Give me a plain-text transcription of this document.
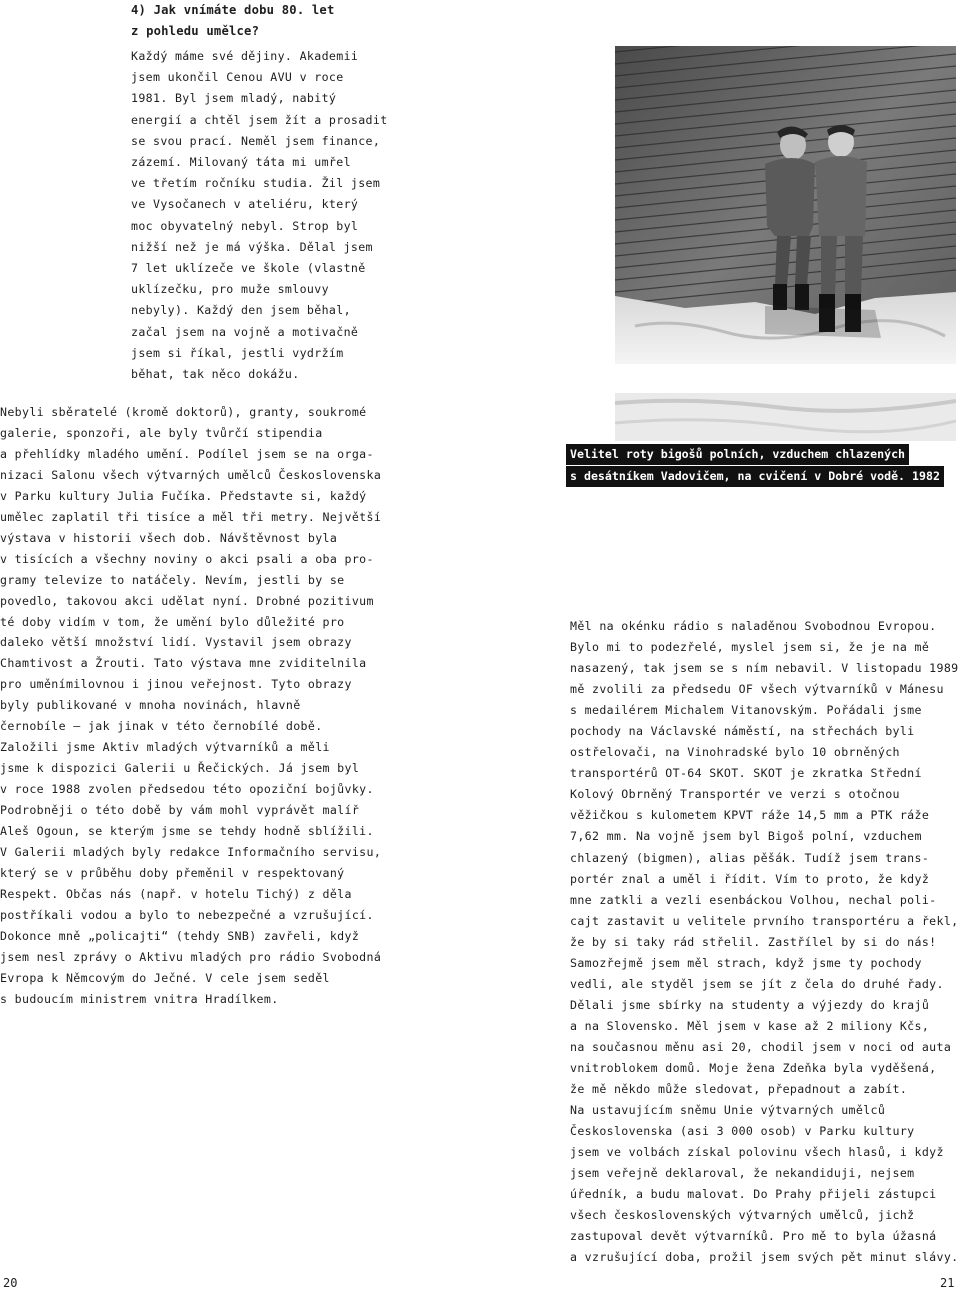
4) Jak vnímáte dobu 80. let
z pohledu umělce?
Každý máme své dějiny. Akademii
jsem ukončil Cenou AVU v roce
1981. Byl jsem mladý, nabitý
energií a chtěl jsem žít a prosadit
se svou prací. Neměl jsem finance,
zázemí. Milovaný táta mi umřel
ve třetím ročníku studia. Žil jsem
ve Vysočanech v ateliéru, který
moc obyvatelný nebyl. Strop byl
nižší než je má výška. Dělal jsem
7 let uklízeče ve škole (vlastně
uklízečku, pro muže smlouvy
nebyly). Každý den jsem běhal,
začal jsem na vojně a motivačně
jsem si říkal, jestli vydržím
běhat, tak něco dokážu.
Velitel roty bigošů polních, vzduchem chlazených
s desátníkem Vadovičem, na cvičení v Dobré vodě. 1982
Nebyli sběratelé (kromě doktorů), granty, soukromé
galerie, sponzoři, ale byly tvůrčí stipendia
a přehlídky mladého umění. Podílel jsem se na orga-
nizaci Salonu všech výtvarných umělců Československa
v Parku kultury Julia Fučíka. Představte si, každý
umělec zaplatil tři tisíce a měl tři metry. Největší
výstava v historii všech dob. Návštěvnost byla
v tisících a všechny noviny o akci psali a oba pro-
gramy televize to natáčely. Nevím, jestli by se
povedlo, takovou akci udělat nyní. Drobné pozitivum
té doby vidím v tom, že umění bylo důležité pro
daleko větší množství lidí. Vystavil jsem obrazy
Chamtivost a Žrouti. Tato výstava mne zviditelnila
pro uměnímilovnou i jinou veřejnost. Tyto obrazy
byly publikované v mnoha novinách, hlavně
černobíle – jak jinak v této černobílé době.
Založili jsme Aktiv mladých výtvarníků a měli
jsme k dispozici Galerii u Řečických. Já jsem byl
v roce 1988 zvolen předsedou této opoziční bojůvky.
Podrobněji o této době by vám mohl vyprávět malíř
Aleš Ogoun, se kterým jsme se tehdy hodně sblížili.
V Galerii mladých byly redakce Informačního servisu,
který se v průběhu doby přeměnil v respektovaný
Respekt. Občas nás (např. v hotelu Tichý) z děla
postříkali vodou a bylo to nebezpečné a vzrušující.
Dokonce mně „policajti“ (tehdy SNB) zavřeli, když
jsem nesl zprávy o Aktivu mladých pro rádio Svobodná
Evropa k Němcovým do Ječné. V cele jsem seděl
s budoucím ministrem vnitra Hradílkem.
Měl na okénku rádio s naladěnou Svobodnou Evropou.
Bylo mi to podezřelé, myslel jsem si, že je na mě
nasazený, tak jsem se s ním nebavil. V listopadu 1989
mě zvolili za předsedu OF všech výtvarníků v Mánesu
s medailérem Michalem Vitanovským. Pořádali jsme
pochody na Václavské náměstí, na střechách byli
ostřelovači, na Vinohradské bylo 10 obrněných
transportérů OT-64 SKOT. SKOT je zkratka Střední
Kolový Obrněný Transportér ve verzi s otočnou
věžičkou s kulometem KPVT ráže 14,5 mm a PTK ráže
7,62 mm. Na vojně jsem byl Bigoš polní, vzduchem
chlazený (bigmen), alias pěšák. Tudíž jsem trans-
portér znal a uměl i řídit. Vím to proto, že když
mne zatkli a vezli esenbáckou Volhou, nechal poli-
cajt zastavit u velitele prvního transportéru a řekl,
že by si taky rád střelil. Zastřílel by si do nás!
Samozřejmě jsem měl strach, když jsme ty pochody
vedli, ale styděl jsem se jít z čela do druhé řady.
Dělali jsme sbírky na studenty a výjezdy do krajů
a na Slovensko. Měl jsem v kase až 2 miliony Kčs,
na současnou měnu asi 20, chodil jsem v noci od auta
vnitroblokem domů. Moje žena Zdeňka byla vyděšená,
že mě někdo může sledovat, přepadnout a zabít.
Na ustavujícím sněmu Unie výtvarných umělců
Československa (asi 3 000 osob) v Parku kultury
jsem ve volbách získal polovinu všech hlasů, i když
jsem veřejně deklaroval, že nekandiduji, nejsem
úředník, a budu malovat. Do Prahy přijeli zástupci
všech československých výtvarných umělců, jichž
zastupoval devět výtvarníků. Pro mě to byla úžasná
a vzrušující doba, prožil jsem svých pět minut slávy.
20	21
